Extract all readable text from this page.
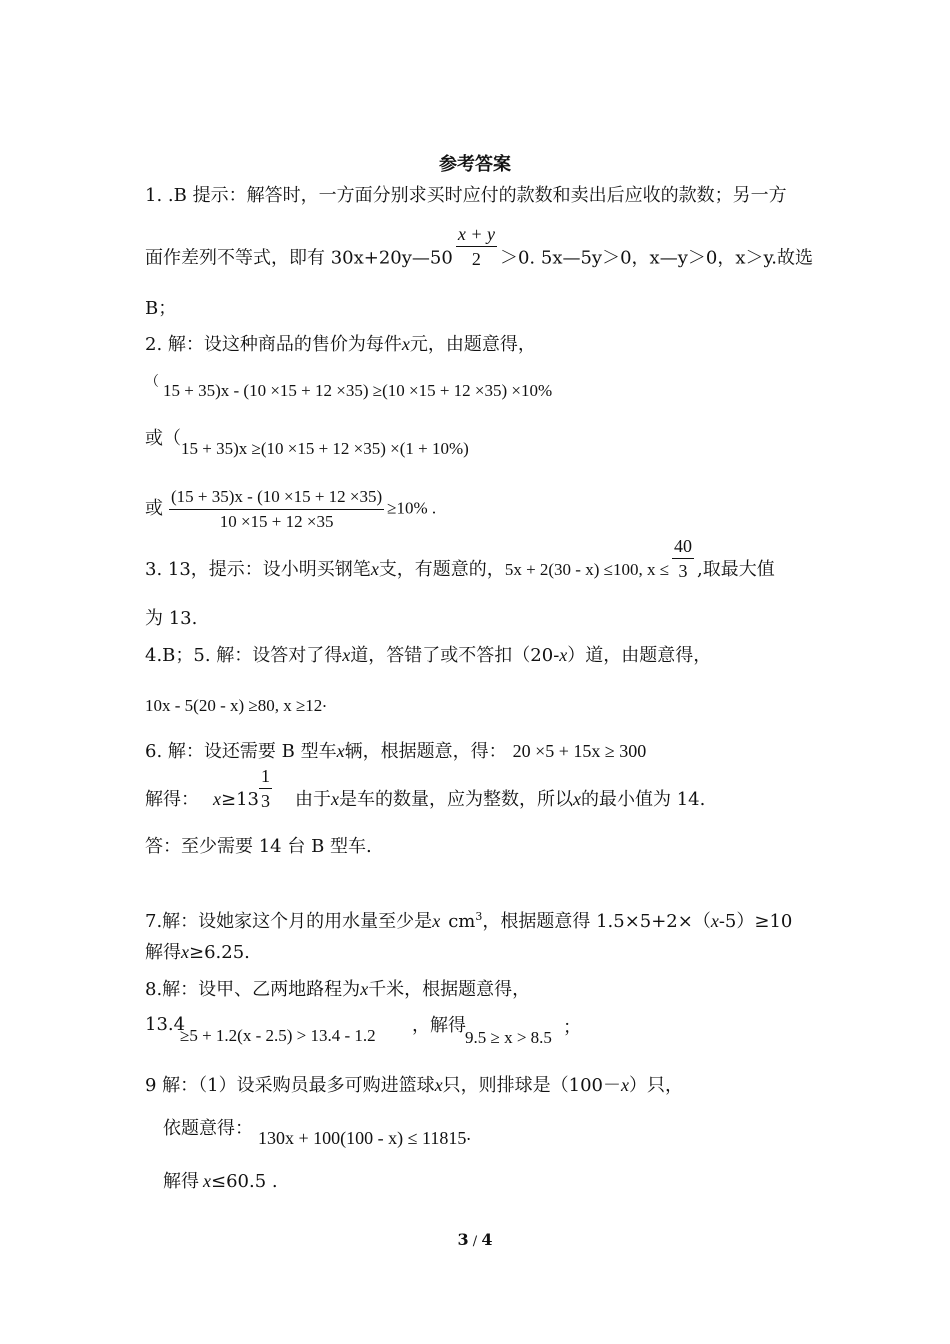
参考答案
1. .B 提示：解答时，一方面分别求买时应付的款数和卖出后应收的款数；另一方
面作差列不等式，即有 30x+20y—50 $\frac{x + y}{2} >0$. 5x—5y＞0，x—y＞0，x＞y.故选
B；
2. 解：设这种商品的售价为每件x元，由题意得，
（ 15 + 35)x - (10 ×15 + 12 ×35) ≥(10 ×15 + 12 ×35) ×10%
或（ 15 + 35)x ≥(10 ×15 + 12 ×35) ×(1 + 10%)
或 $\frac{(15 + 35)x - (10 \times 15 + 12 \times 35)}{10 \times 15 + 12 \times 35} \ge 10\%$ .
3. 13，提示：设小明买钢笔x支，有题意的，5x + 2(30 - x) ≤100, $x \le \frac{40}{3}$ ,取最大值
为 13.
4.B；5. 解：设答对了得x道，答错了或不答扣（20-x）道，由题意得，
10x - 5(20 - x) ≥80, x ≥12.
6. 解：设还需要 B 型车x辆，根据题意，得： 20 ×5 + 15x ≥ 300
解得： $x\ge 13 \frac{1}{3}$ 由于x是车的数量，应为整数，所以x的最小值为 14.
答：至少需要 14 台 B 型车.
7.解：设她家这个月的用水量至少是x $cm^3$，根据题意得 1.5×5+2×（x-5）≥10
解得x≥6.25.
8.解：设甲、乙两地路程为x千米，根据题意得，
13.4
≥5 + 1.2(x - 2.5) > 13.4 - 1.2 ，解得
9.5 ≥ x > 8.5 ；
9 解：（1）设采购员最多可购进篮球x只，则排球是（100－x）只，
依题意得： 130x + 100(100 - x) ≤ 11815.
解得 x≤60.5 .
3 / 4
